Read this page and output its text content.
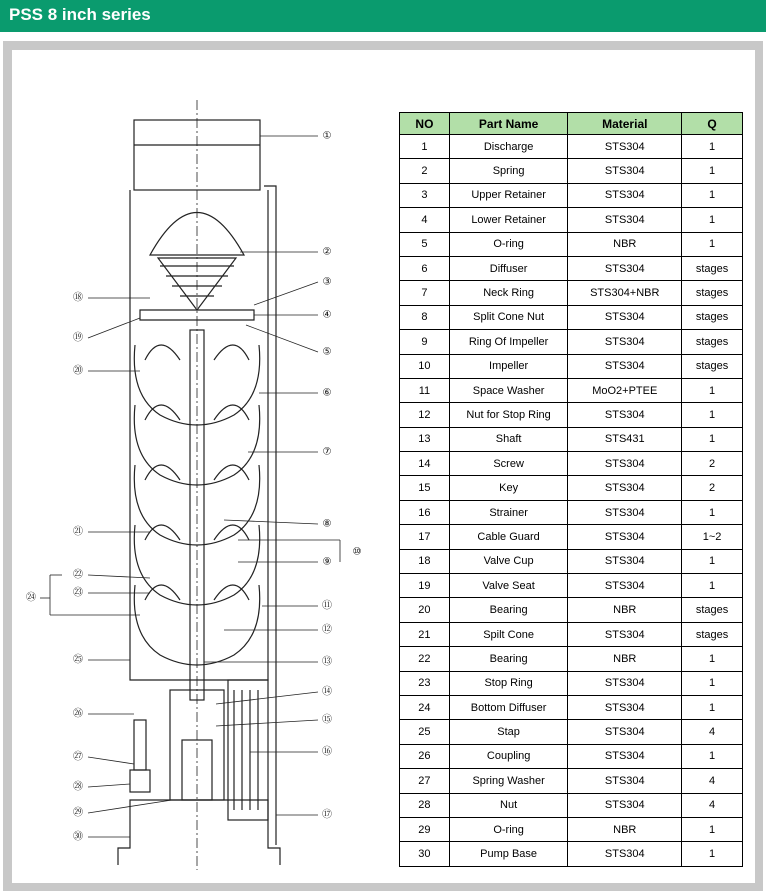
PSS 8 inch series
①
②
③
④
⑤
⑥
⑦
⑧
⑨
⑩
⑪
⑫
⑬
⑭
⑮
⑯
⑰
⑱
⑲
⑳
㉑
㉒
㉓
㉔
㉕
㉖
㉗
㉘
㉙
㉚
NO	Part Name	Material	Q
1	Discharge	STS304	1
2	Spring	STS304	1
3	Upper Retainer	STS304	1
4	Lower Retainer	STS304	1
5	O-ring	NBR	1
6	Diffuser	STS304	stages
7	Neck Ring	STS304+NBR	stages
8	Split Cone Nut	STS304	stages
9	Ring Of Impeller	STS304	stages
10	Impeller	STS304	stages
11	Space Washer	MoO2+PTEE	1
12	Nut for Stop Ring	STS304	1
13	Shaft	STS431	1
14	Screw	STS304	2
15	Key	STS304	2
16	Strainer	STS304	1
17	Cable Guard	STS304	1~2
18	Valve Cup	STS304	1
19	Valve Seat	STS304	1
20	Bearing	NBR	stages
21	Spilt Cone	STS304	stages
22	Bearing	NBR	1
23	Stop Ring	STS304	1
24	Bottom Diffuser	STS304	1
25	Stap	STS304	4
26	Coupling	STS304	1
27	Spring Washer	STS304	4
28	Nut	STS304	4
29	O-ring	NBR	1
30	Pump Base	STS304	1
